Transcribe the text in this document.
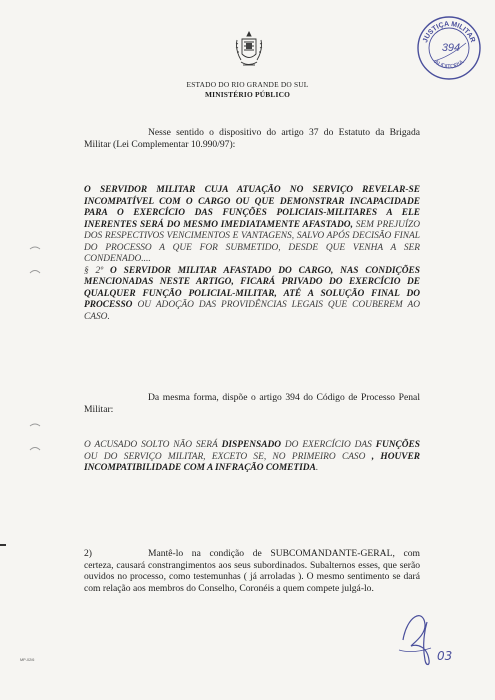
ESTADO DO RIO GRANDE DO SUL
MINISTÉRIO PÚBLICO
JUSTIÇA MILITAR
AUDITORIA
394

Nesse sentido o dispositivo do artigo 37 do Estatuto da Brigada Militar (Lei Complementar 10.990/97):

O SERVIDOR MILITAR CUJA ATUAÇÃO NO SERVIÇO REVELAR-SE INCOMPATÍVEL COM O CARGO OU QUE DEMONSTRAR INCAPACIDADE PARA O EXERCÍCIO DAS FUNÇÕES POLICIAIS-MILITARES A ELE INERENTES SERÁ DO MESMO IMEDIATAMENTE AFASTADO, SEM PREJUÍZO DOS RESPECTIVOS VENCIMENTOS E VANTAGENS, SALVO APÓS DECISÃO FINAL DO PROCESSO A QUE FOR SUBMETIDO, DESDE QUE VENHA A SER CONDENADO....
§ 2º O SERVIDOR MILITAR AFASTADO DO CARGO, NAS CONDIÇÕES MENCIONADAS NESTE ARTIGO, FICARÁ PRIVADO DO EXERCÍCIO DE QUALQUER FUNÇÃO POLICIAL-MILITAR, ATÉ A SOLUÇÃO FINAL DO PROCESSO OU ADOÇÃO DAS PROVIDÊNCIAS LEGAIS QUE COUBEREM AO CASO.

Da mesma forma, dispõe o artigo 394 do Código de Processo Penal Militar:

O ACUSADO SOLTO NÃO SERÁ DISPENSADO DO EXERCÍCIO DAS FUNÇÕES OU DO SERVIÇO MILITAR, EXCETO SE, NO PRIMEIRO CASO , HOUVER INCOMPATIBILIDADE COM A INFRAÇÃO COMETIDA.

2)	Mantê-lo na condição de SUBCOMANDANTE-GERAL, com certeza, causará constrangimentos aos seus subordinados. Subalternos esses, que serão ouvidos no processo, como testemunhas ( já arroladas ). O mesmo sentimento se dará com relação aos membros do Conselho, Coronéis a quem compete julgá-lo.

MP-02/6	03
